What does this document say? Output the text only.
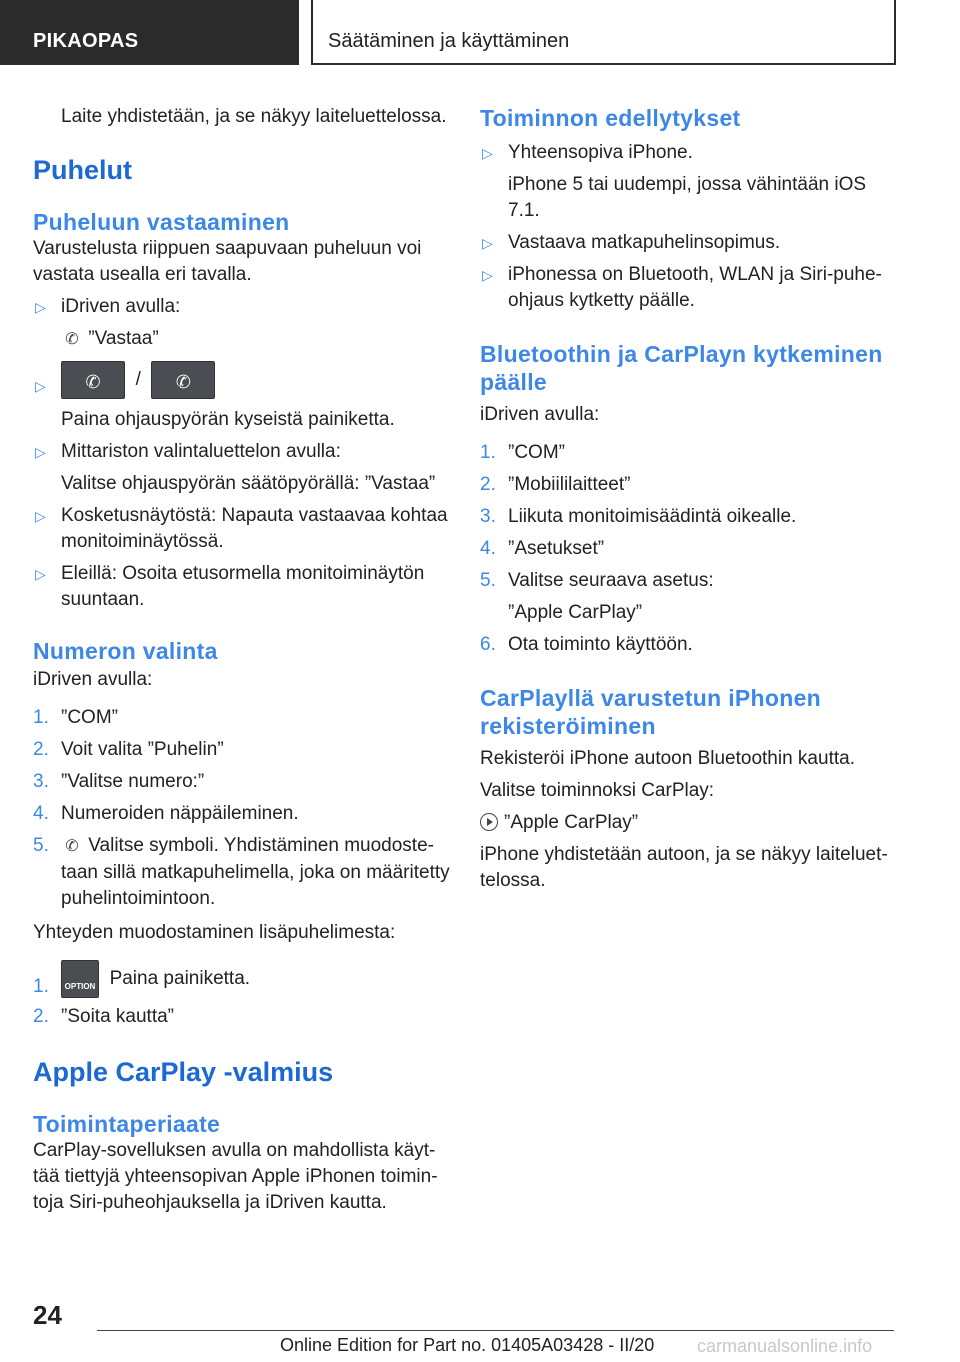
PIKAOPAS	Säätäminen ja käyttäminen

Laite yhdistetään, ja se näkyy laiteluettelossa.

Puhelut
Puheluun vastaaminen

Varustelusta riippuen saapuvaan puheluun voi vastata usealla eri tavalla.

▷ iDriven avulla:
✆ ”Vastaa”
▷	✆	/	✆
Paina ohjauspyörän kyseistä painiketta.
▷ Mittariston valintaluettelon avulla:
Valitse ohjauspyörän säätöpyörällä: ”Vastaa”
▷ Kosketusnäytöstä: Napauta vastaavaa kohtaa monitoiminäytössä.
▷ Eleillä: Osoita etusormella monitoiminäytön suuntaan.
Numeron valinta

iDriven avulla:

1. ”COM”
2. Voit valita ”Puhelin”
3. ”Valitse numero:”
4. Numeroiden näppäileminen.
5. ✆ Valitse symboli. Yhdistäminen muodostetaan sillä matkapuhelimella, joka on määritetty puhelintoimintoon.

Yhteyden muodostaminen lisäpuhelimesta:

1.	OPTION Paina painiketta.
2. ”Soita kautta”
Apple CarPlay -valmius
Toimintaperiaate

CarPlay-sovelluksen avulla on mahdollista käyttää tiettyjä yhteensopivan Apple iPhonen toimintoja Siri-puheohjauksella ja iDriven kautta.

Toiminnon edellytykset
▷ Yhteensopiva iPhone.
iPhone 5 tai uudempi, jossa vähintään iOS 7.1.
▷ Vastaava matkapuhelinsopimus.
▷ iPhonessa on Bluetooth, WLAN ja Siri-puheohjaus kytketty päälle.
Bluetoothin ja CarPlayn kytkeminen päälle

iDriven avulla:

1. ”COM”
2. ”Mobiililaitteet”
3. Liikuta monitoimisäädintä oikealle.
4. ”Asetukset”
5. Valitse seuraava asetus:
”Apple CarPlay”
6. Ota toiminto käyttöön.
CarPlayllä varustetun iPhonen rekisteröiminen

Rekisteröi iPhone autoon Bluetoothin kautta.

Valitse toiminnoksi CarPlay:

”Apple CarPlay”

iPhone yhdistetään autoon, ja se näkyy laiteluettelossa.

24
Online Edition for Part no. 01405A03428 - II/20 carmanualsonline.info
